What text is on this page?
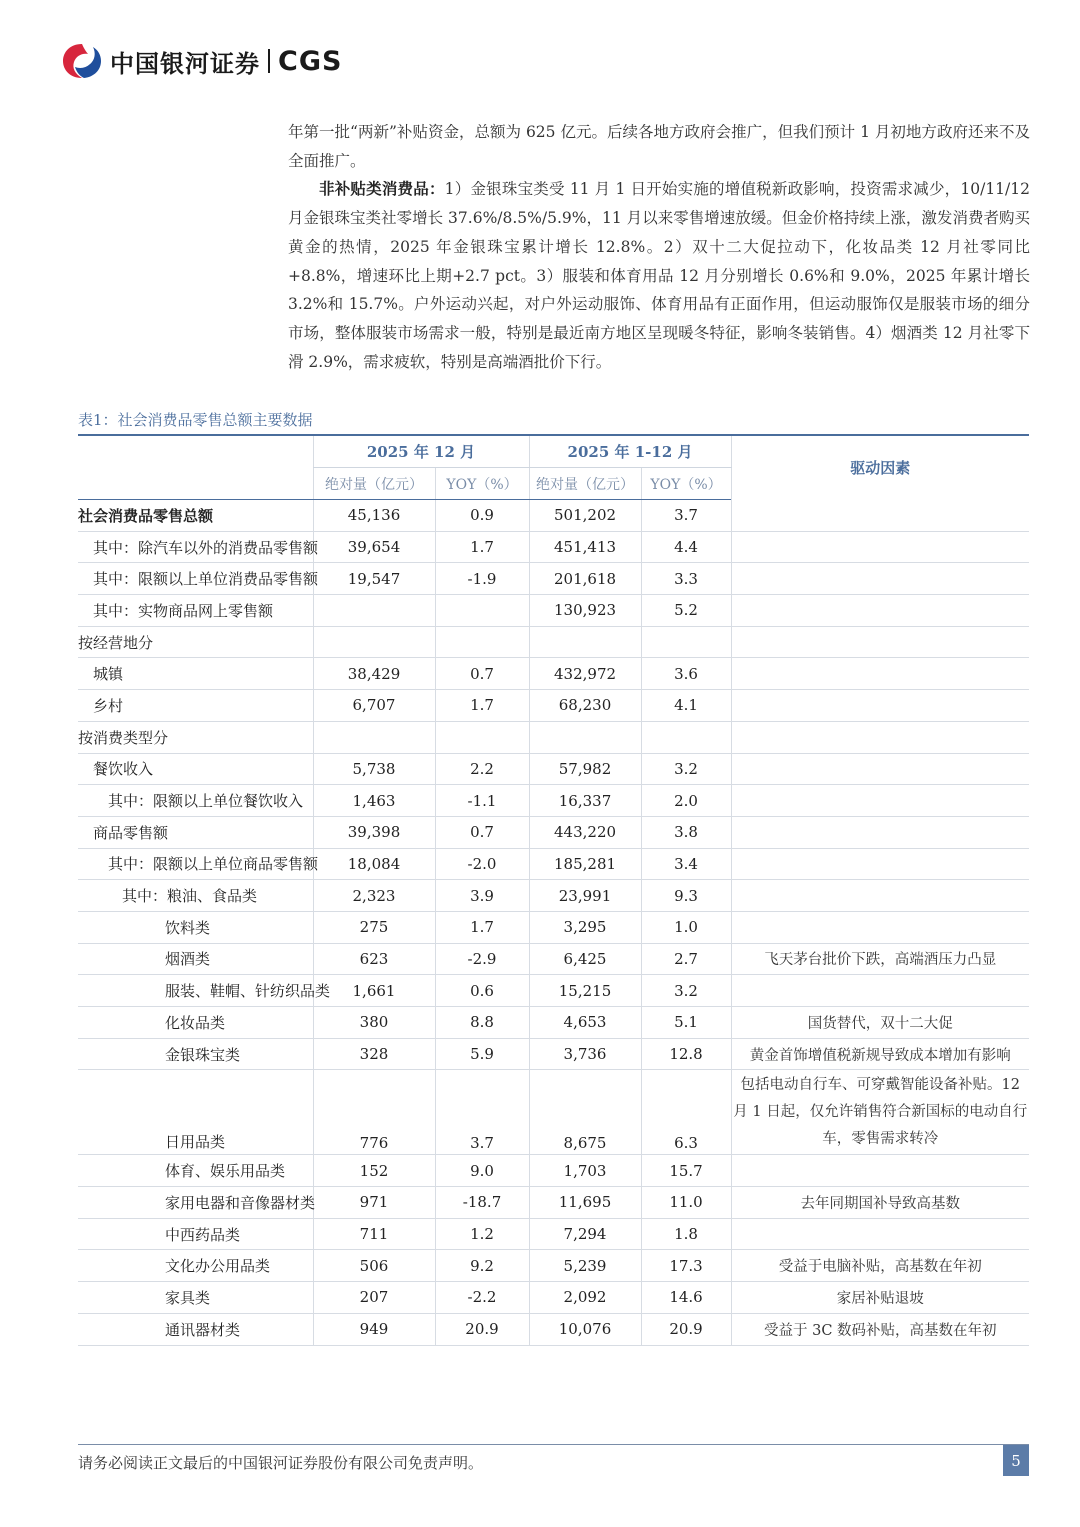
中国银河证券 CGS

年第一批“两新”补贴资金，总额为 625 亿元。后续各地方政府会推广，但我们预计 1 月初地方政府还来不及全面推广。

非补贴类消费品：1）金银珠宝类受 11 月 1 日开始实施的增值税新政影响，投资需求减少，10/11/12 月金银珠宝类社零增长 37.6%/8.5%/5.9%，11 月以来零售增速放缓。但金价格持续上涨，激发消费者购买黄金的热情，2025 年金银珠宝累计增长 12.8%。2）双十二大促拉动下，化妆品类 12 月社零同比+8.8%，增速环比上期+2.7 pct。3）服装和体育用品 12 月分别增长 0.6%和 9.0%，2025 年累计增长 3.2%和 15.7%。户外运动兴起，对户外运动服饰、体育用品有正面作用，但运动服饰仅是服装市场的细分市场，整体服装市场需求一般，特别是最近南方地区呈现暖冬特征，影响冬装销售。4）烟酒类 12 月社零下滑 2.9%，需求疲软，特别是高端酒批价下行。

表1：社会消费品零售总额主要数据
	2025 年 12 月		2025 年 1-12 月		驱动因素
	绝对量（亿元）	YOY（%）	绝对量（亿元）	YOY（%）	
社会消费品零售总额	45,136	0.9	501,202	3.7	
其中：除汽车以外的消费品零售额	39,654	1.7	451,413	4.4	
其中：限额以上单位消费品零售额	19,547	-1.9	201,618	3.3	
其中：实物商品网上零售额			130,923	5.2	
按经营地分					
城镇	38,429	0.7	432,972	3.6	
乡村	6,707	1.7	68,230	4.1	
按消费类型分					
餐饮收入	5,738	2.2	57,982	3.2	
其中：限额以上单位餐饮收入	1,463	-1.1	16,337	2.0	
商品零售额	39,398	0.7	443,220	3.8	
其中：限额以上单位商品零售额	18,084	-2.0	185,281	3.4	
其中：粮油、食品类	2,323	3.9	23,991	9.3	
饮料类	275	1.7	3,295	1.0	
烟酒类	623	-2.9	6,425	2.7	飞天茅台批价下跌，高端酒压力凸显
服装、鞋帽、针纺织品类	1,661	0.6	15,215	3.2	
化妆品类	380	8.8	4,653	5.1	国货替代，双十二大促
金银珠宝类	328	5.9	3,736	12.8	黄金首饰增值税新规导致成本增加有影响
日用品类	776	3.7	8,675	6.3	包括电动自行车、可穿戴智能设备补贴。12 月 1 日起，仅允许销售符合新国标的电动自行车，零售需求转冷
体育、娱乐用品类	152	9.0	1,703	15.7	
家用电器和音像器材类	971	-18.7	11,695	11.0	去年同期国补导致高基数
中西药品类	711	1.2	7,294	1.8	
文化办公用品类	506	9.2	5,239	17.3	受益于电脑补贴，高基数在年初
家具类	207	-2.2	2,092	14.6	家居补贴退坡
通讯器材类	949	20.9	10,076	20.9	受益于 3C 数码补贴，高基数在年初
请务必阅读正文最后的中国银河证券股份有限公司免责声明。	5
